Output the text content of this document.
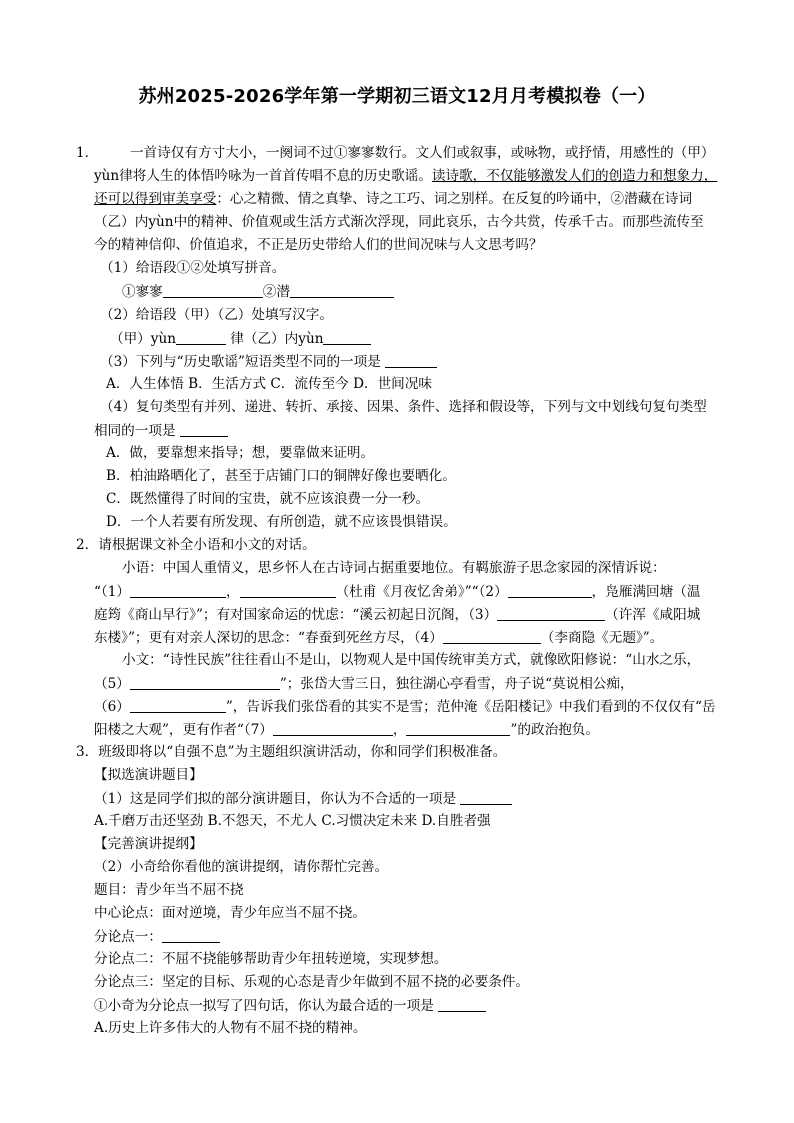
苏州2025-2026学年第一学期初三语文12月月考模拟卷（一）
1． 一首诗仅有方寸大小，一阕词不过①寥寥数行。文人们或叙事，或咏物，或抒情，用感性的（甲）
yùn律将人生的体悟吟咏为一首首传唱不息的历史歌谣。读诗歌，不仅能够激发人们的创造力和想象力，
还可以得到审美享受：心之精微、情之真挚、诗之工巧、词之别样。在反复的吟诵中，②潜藏在诗词
（乙）内yùn中的精神、价值观或生活方式渐次浮现，同此哀乐，古今共赏，传承千古。而那些流传至
今的精神信仰、价值追求，不正是历史带给人们的世间况味与人文思考吗？
（1）给语段①②处填写拼音。
①寥寥	②潜
（2）给语段（甲）（乙）处填写汉字。
（甲）yùn	律（乙）内yùn
（3）下列与“历史歌谣”短语类型不同的一项是
A．人生体悟 B．生活方式 C．流传至今 D．世间况味
（4）复句类型有并列、递进、转折、承接、因果、条件、选择和假设等，下列与文中划线句复句类型
相同的一项是
A．做，要靠想来指导；想，要靠做来证明。
B．柏油路晒化了，甚至于店铺门口的铜牌好像也要晒化。
C．既然懂得了时间的宝贵，就不应该浪费一分一秒。
D．一个人若要有所发现、有所创造，就不应该畏惧错误。
2．请根据课文补全小语和小文的对话。
小语：中国人重情义，思乡怀人在古诗词占据重要地位。有羁旅游子思念家园的深情诉说：
“（1）	，	（杜甫《月夜忆舍弟》”“（2）	，凫雁满回塘（温
庭筠《商山早行》”；有对国家命运的忧虑：“溪云初起日沉阁，（3）	（许浑《咸阳城
东楼》”；更有对亲人深切的思念：“春蚕到死丝方尽，（4）	（李商隐《无题》”。
小文：“诗性民族”往往看山不是山，以物观人是中国传统审美方式，就像欧阳修说：“山水之乐，
（5）	”；张岱大雪三日，独往湖心亭看雪，舟子说“莫说相公痴，
（6）	”，告诉我们张岱看的其实不是雪；范仲淹《岳阳楼记》中我们看到的不仅仅有“岳
阳楼之大观”，更有作者“（7）	，	”的政治抱负。
3．班级即将以“自强不息”为主题组织演讲活动，你和同学们积极准备。
【拟选演讲题目】
（1）这是同学们拟的部分演讲题目，你认为不合适的一项是
A.千磨万击还坚劲 B.不怨天，不尤人 C.习惯决定未来 D.自胜者强
【完善演讲提纲】
（2）小奇给你看他的演讲提纲，请你帮忙完善。
题目：青少年当不屈不挠
中心论点：面对逆境，青少年应当不屈不挠。
分论点一：
分论点二：不屈不挠能够帮助青少年扭转逆境，实现梦想。
分论点三：坚定的目标、乐观的心态是青少年做到不屈不挠的必要条件。
①小奇为分论点一拟写了四句话，你认为最合适的一项是
A.历史上许多伟大的人物有不屈不挠的精神。
